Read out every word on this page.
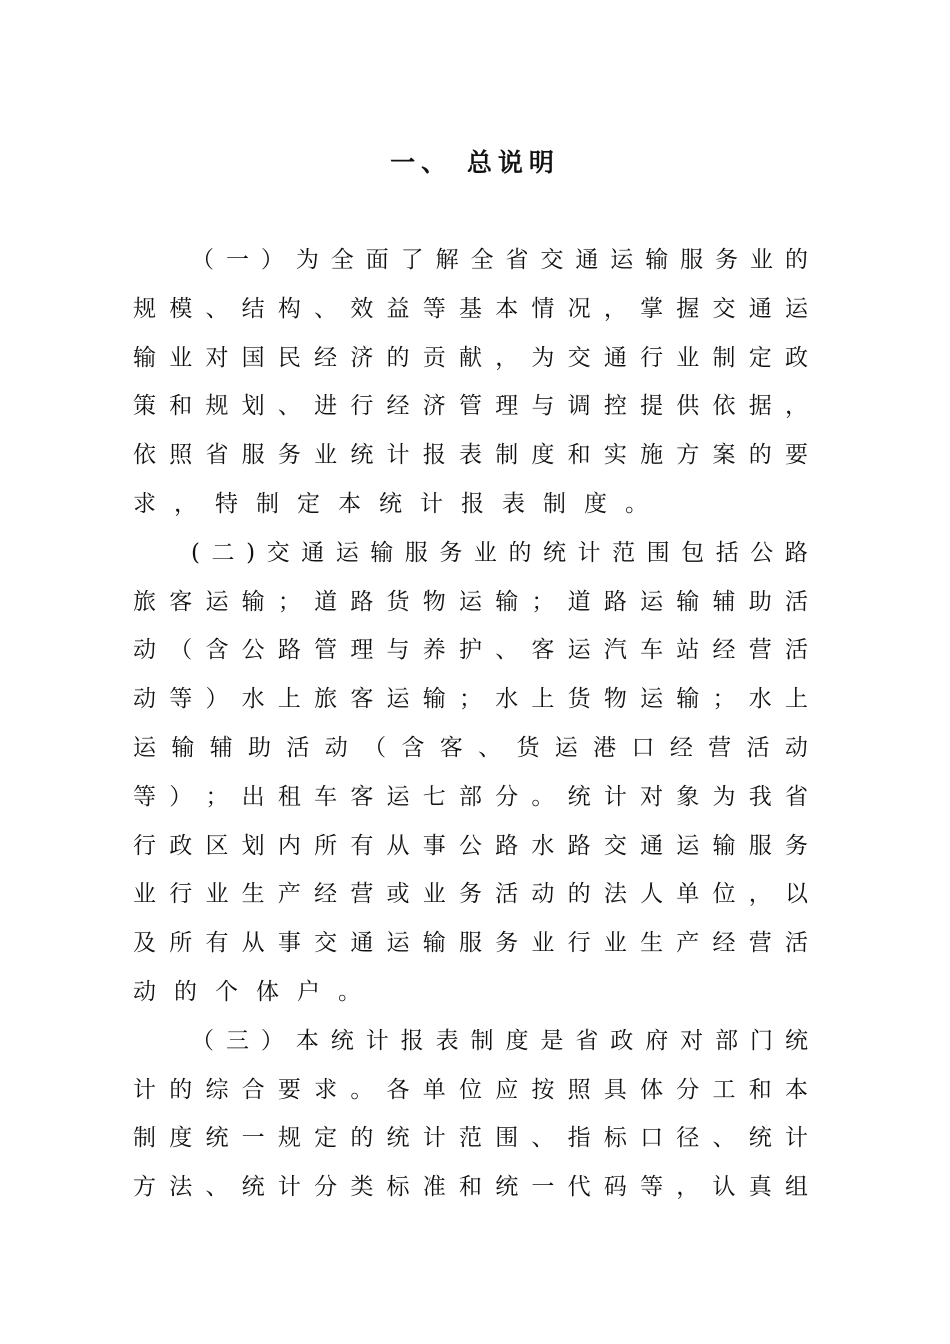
一、 总说明
（ 一 ） 为 全 面 了 解 全 省 交 通 运 输 服 务 业 的
规 模 、 结 构 、 效 益 等 基 本 情 况 ， 掌 握 交 通 运
输 业 对 国 民 经 济 的 贡 献 ， 为 交 通 行 业 制 定 政
策 和 规 划 、 进 行 经 济 管 理 与 调 控 提 供 依 据 ，
依 照 省 服 务 业 统 计 报 表 制 度 和 实 施 方 案 的 要
求 ， 特 制 定 本 统 计 报 表 制 度 。
( 二 ) 交 通 运 输 服 务 业 的 统 计 范 围 包 括 公 路
旅 客 运 输 ； 道 路 货 物 运 输 ； 道 路 运 输 辅 助 活
动 （ 含 公 路 管 理 与 养 护 、 客 运 汽 车 站 经 营 活
动 等 ） 水 上 旅 客 运 输 ； 水 上 货 物 运 输 ； 水 上
运 输 辅 助 活 动 （ 含 客 、 货 运 港 口 经 营 活 动
等 ） ； 出 租 车 客 运 七 部 分 。 统 计 对 象 为 我 省
行 政 区 划 内 所 有 从 事 公 路 水 路 交 通 运 输 服 务
业 行 业 生 产 经 营 或 业 务 活 动 的 法 人 单 位 ， 以
及 所 有 从 事 交 通 运 输 服 务 业 行 业 生 产 经 营 活
动 的 个 体 户 。
（ 三 ） 本 统 计 报 表 制 度 是 省 政 府 对 部 门 统
计 的 综 合 要 求 。 各 单 位 应 按 照 具 体 分 工 和 本
制 度 统 一 规 定 的 统 计 范 围 、 指 标 口 径 、 统 计
方 法 、 统 计 分 类 标 准 和 统 一 代 码 等 ， 认 真 组
